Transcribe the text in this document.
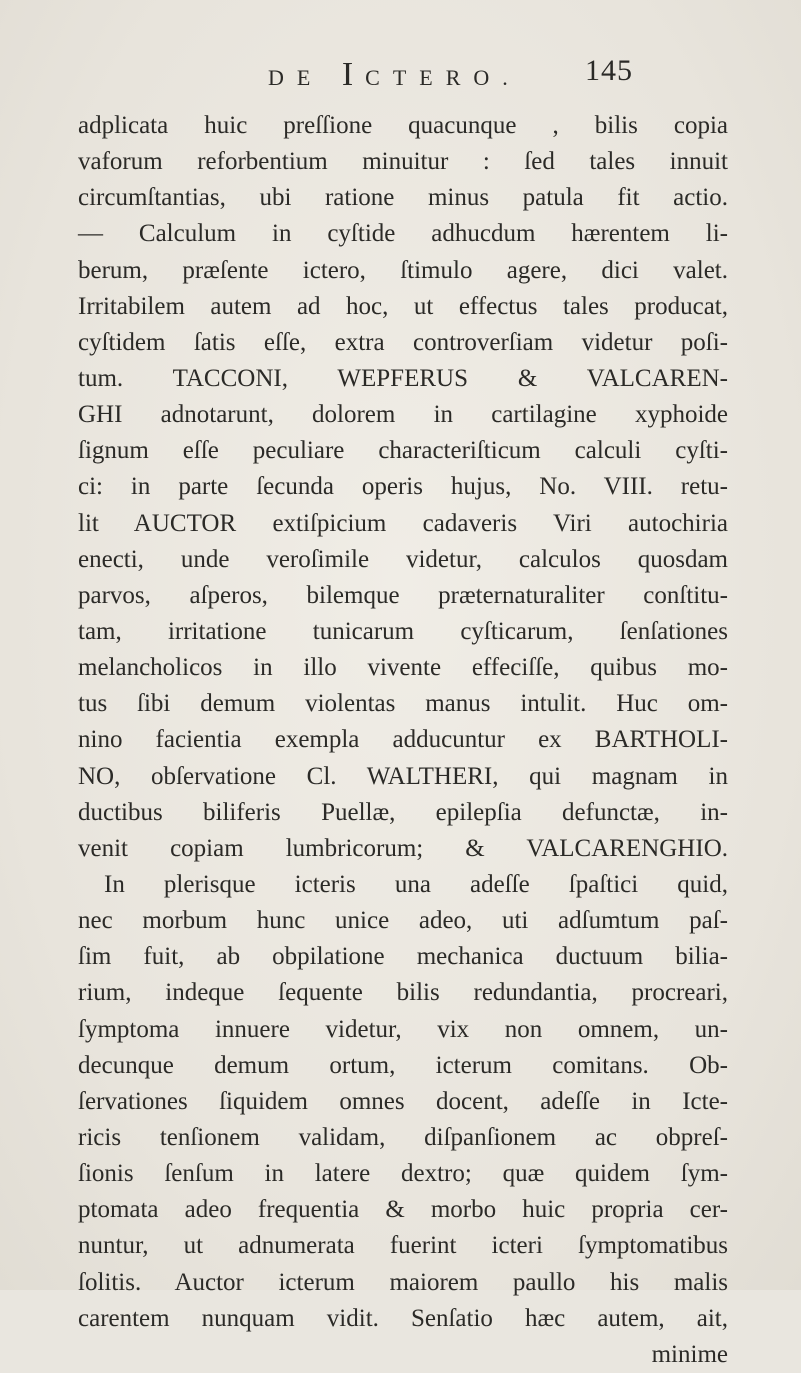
DE ICTERO. 145
adplicata huic preſſione quacunque , bilis copia
vaforum reforbentium minuitur : ſed tales innuit
circumſtantias, ubi ratione minus patula fit actio.
— Calculum in cyſtide adhucdum hærentem li-
berum, præſente ictero, ſtimulo agere, dici valet.
Irritabilem autem ad hoc, ut effectus tales producat,
cyſtidem ſatis eſſe, extra controverſiam videtur poſi-
tum. TACCONI, WEPFERUS & VALCAREN-
GHI adnotarunt, dolorem in cartilagine xyphoide
ſignum eſſe peculiare characteriſticum calculi cyſti-
ci: in parte ſecunda operis hujus, No. VIII. retu-
lit AUCTOR extiſpicium cadaveris Viri autochiria
enecti, unde veroſimile videtur, calculos quosdam
parvos, aſperos, bilemque præternaturaliter conſtitu-
tam, irritatione tunicarum cyſticarum, ſenſationes
melancholicos in illo vivente effeciſſe, quibus mo-
tus ſibi demum violentas manus intulit. Huc om-
nino facientia exempla adducuntur ex BARTHOLI-
NO, obſervatione Cl. WALTHERI, qui magnam in
ductibus biliferis Puellæ, epilepſia defunctæ, in-
venit copiam lumbricorum; & VALCARENGHIO.
In plerisque icteris una adeſſe ſpaſtici quid,
nec morbum hunc unice adeo, uti adſumtum paſ-
ſim fuit, ab obpilatione mechanica ductuum bilia-
rium, indeque ſequente bilis redundantia, procreari,
ſymptoma innuere videtur, vix non omnem, un-
decunque demum ortum, icterum comitans. Ob-
ſervationes ſiquidem omnes docent, adeſſe in Icte-
ricis tenſionem validam, diſpanſionem ac obpreſ-
ſionis ſenſum in latere dextro; quæ quidem ſym-
ptomata adeo frequentia & morbo huic propria cer-
nuntur, ut adnumerata fuerint icteri ſymptomatibus
ſolitis. Auctor icterum maiorem paullo his malis
carentem nunquam vidit. Senſatio hæc autem, ait,
minime
